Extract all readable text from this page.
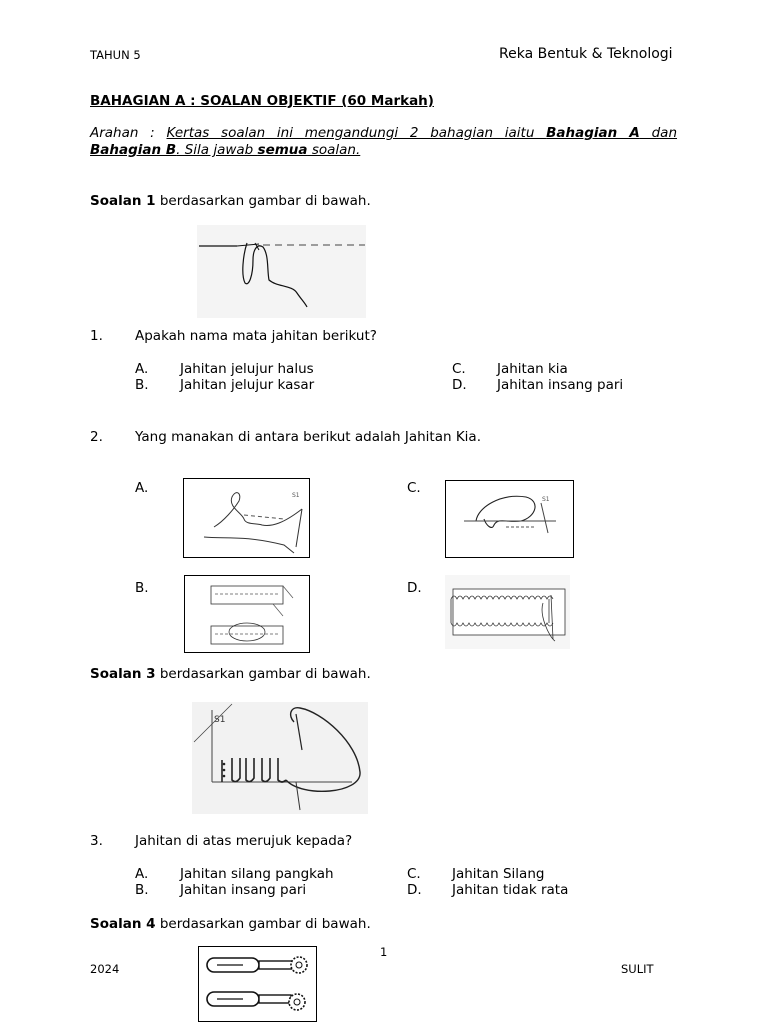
TAHUN 5	Reka Bentuk & Teknologi
BAHAGIAN A : SOALAN OBJEKTIF (60 Markah)
Arahan : Kertas soalan ini mengandungi 2 bahagian iaitu Bahagian A dan
Bahagian B. Sila jawab semua soalan.
Soalan 1 berdasarkan gambar di bawah.
1. Apakah nama mata jahitan berikut?
A. Jahitan jelujur halus
B. Jahitan jelujur kasar
C. Jahitan kia
D. Jahitan insang pari
2. Yang manakan di antara berikut adalah Jahitan Kia.
A.	S1	C.
S1
B.	D.
Soalan 3 berdasarkan gambar di bawah.
S1
3. Jahitan di atas merujuk kepada?
A. Jahitan silang pangkah
B. Jahitan insang pari
C. Jahitan Silang
D. Jahitan tidak rata
Soalan 4 berdasarkan gambar di bawah.
1
2024	SULIT
